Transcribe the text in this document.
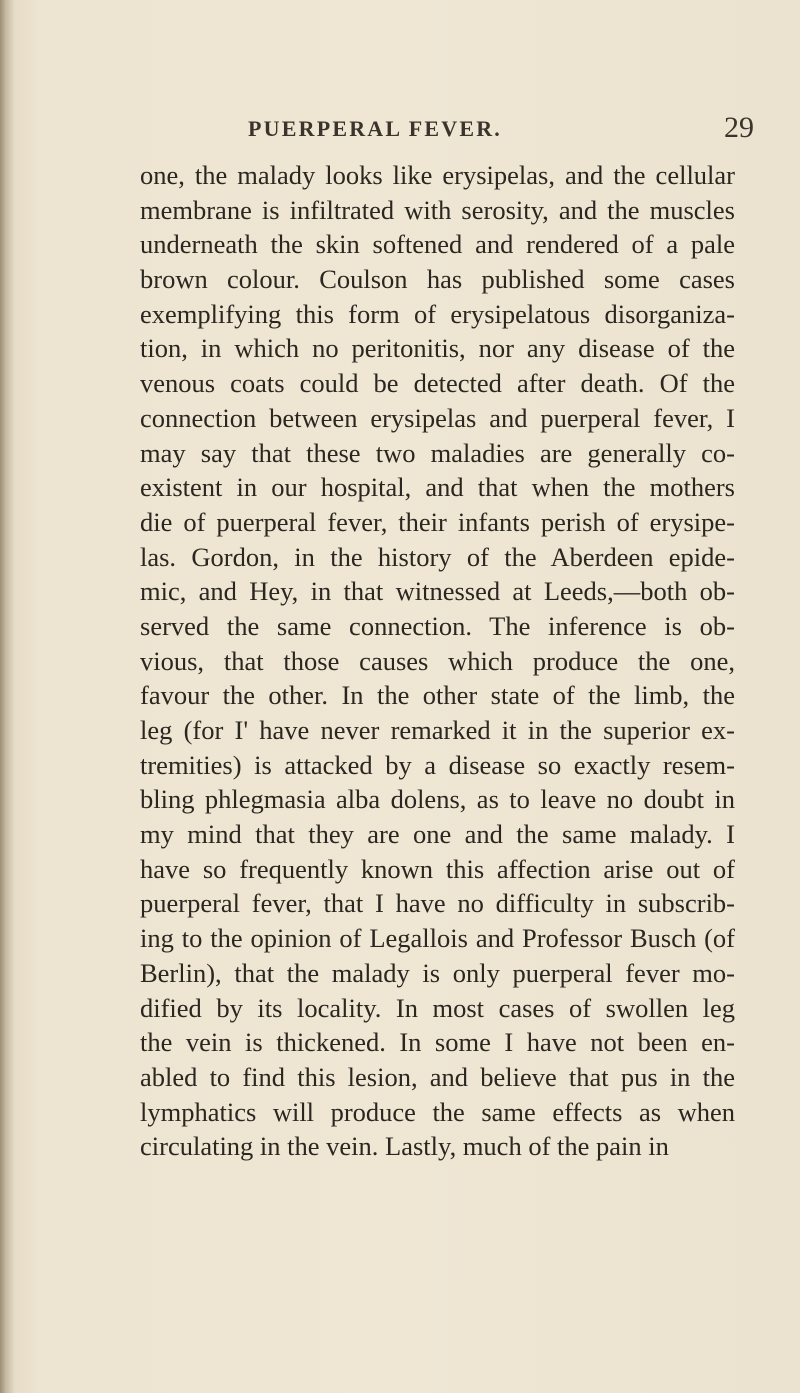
PUERPERAL FEVER.	29
one, the malady looks like erysipelas, and the cellular
membrane is infiltrated with serosity, and the muscles
underneath the skin softened and rendered of a pale
brown colour. Coulson has published some cases
exemplifying this form of erysipelatous disorganiza-
tion, in which no peritonitis, nor any disease of the
venous coats could be detected after death. Of the
connection between erysipelas and puerperal fever, I
may say that these two maladies are generally co-
existent in our hospital, and that when the mothers
die of puerperal fever, their infants perish of erysipe-
las. Gordon, in the history of the Aberdeen epide-
mic, and Hey, in that witnessed at Leeds,—both ob-
served the same connection. The inference is ob-
vious, that those causes which produce the one,
favour the other. In the other state of the limb, the
leg (for I' have never remarked it in the superior ex-
tremities) is attacked by a disease so exactly resem-
bling phlegmasia alba dolens, as to leave no doubt in
my mind that they are one and the same malady. I
have so frequently known this affection arise out of
puerperal fever, that I have no difficulty in subscrib-
ing to the opinion of Legallois and Professor Busch (of
Berlin), that the malady is only puerperal fever mo-
dified by its locality. In most cases of swollen leg
the vein is thickened. In some I have not been en-
abled to find this lesion, and believe that pus in the
lymphatics will produce the same effects as when
circulating in the vein. Lastly, much of the pain in
